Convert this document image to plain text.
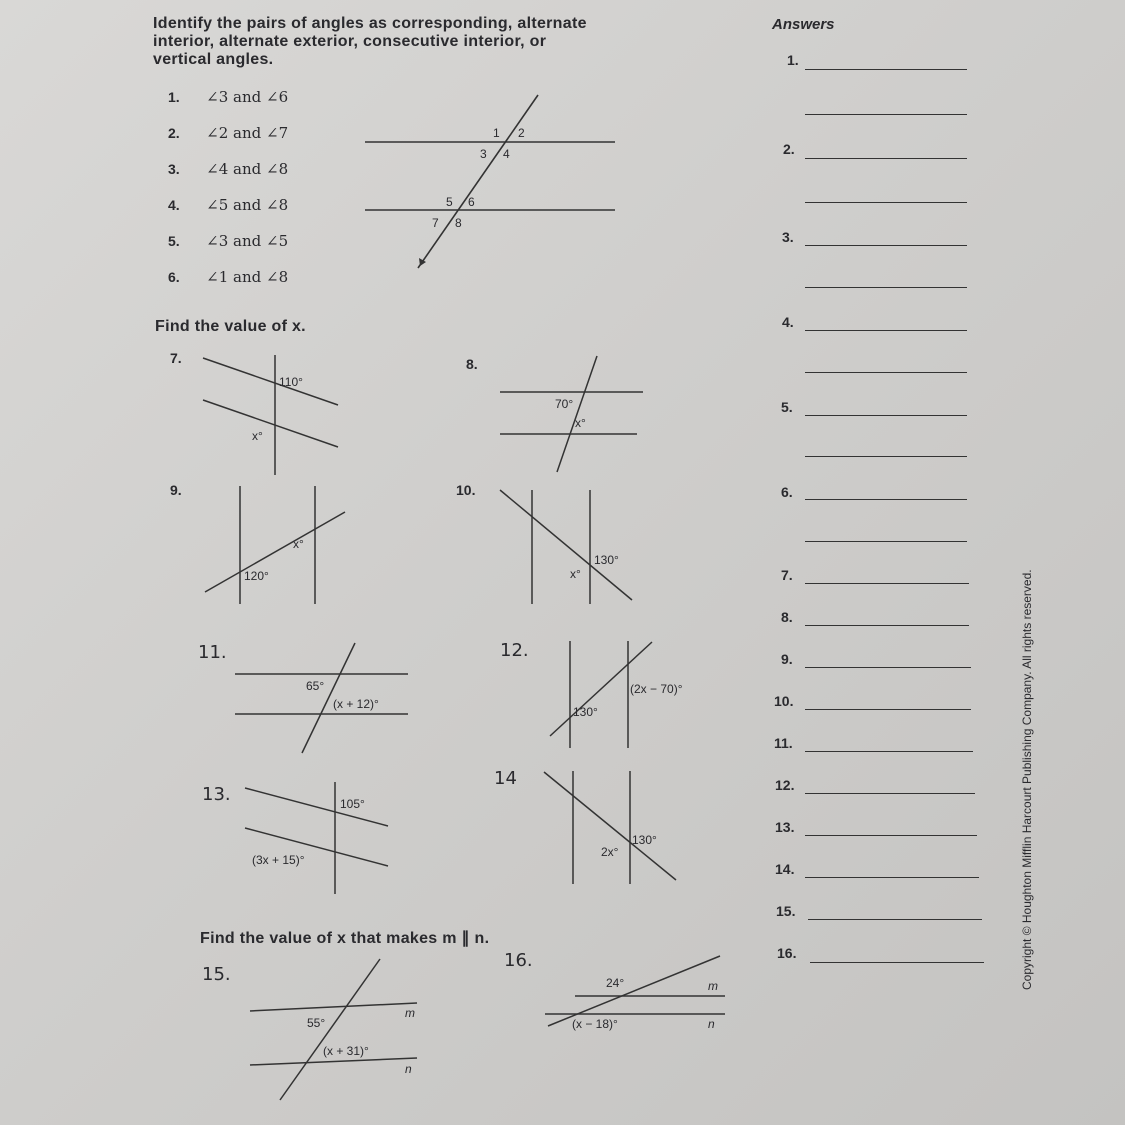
Identify the pairs of angles as corresponding, alternate
interior, alternate exterior, consecutive interior, or
vertical angles.
Answers
1. ∠3 and ∠6
2. ∠2 and ∠7
3. ∠4 and ∠8
4. ∠5 and ∠8
5. ∠3 and ∠5
6. ∠1 and ∠8
1 2
3 4
5 6
7 8
Find the value of x.
7.
110°
x°
8.
70°
x°
9.
x°
120°
10.
130°
x°
11.
65°
(x + 12)°
12.
(2x − 70)°
130°
13.	105°
(3x + 15)°
14
130°
2x°
Find the value of x that makes m ∥ n.
15.
55°
(x + 31)°
m
n
16.
24°
(x − 18)°
m
n
1.
2.
3.
4.
5.
6.
7.
8.
9.
10.
11.
12.
13.
14.
15.
16.	Copyright © Houghton Mifflin Harcourt Publishing Company. All rights reserved.
